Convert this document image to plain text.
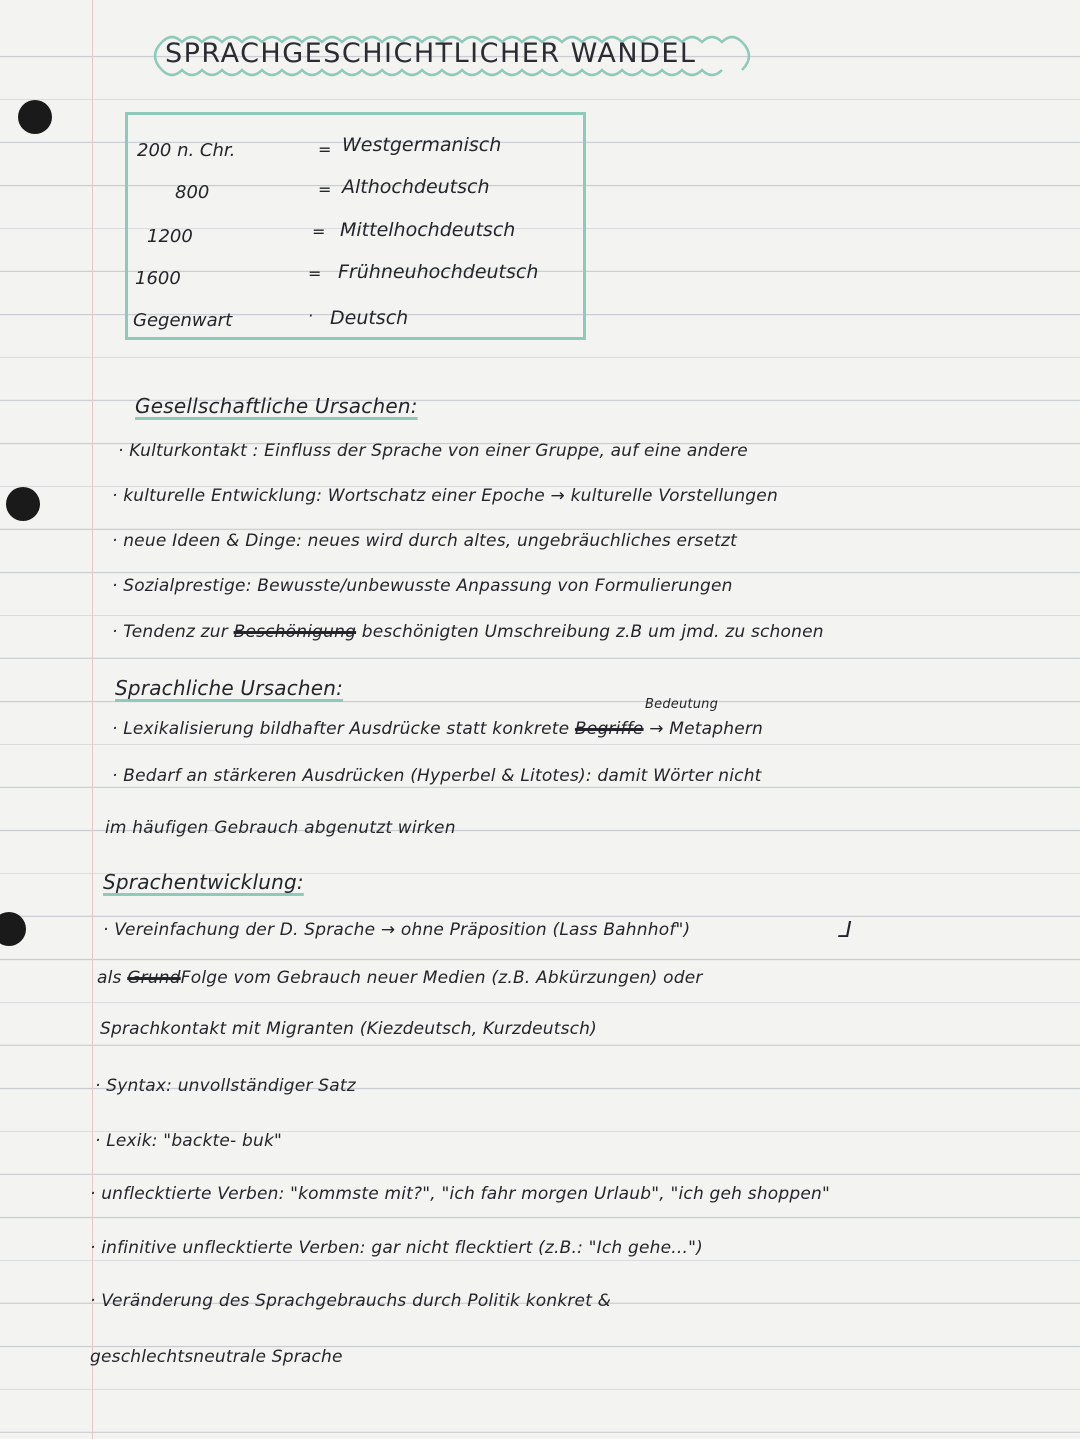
SPRACHGESCHICHTLICHER WANDEL
200 n. Chr.	= Westgermanisch
800	= Althochdeutsch
1200	= Mittelhochdeutsch
1600	= Frühneuhochdeutsch
Gegenwart	· Deutsch
Gesellschaftliche Ursachen:
· Kulturkontakt : Einfluss der Sprache von einer Gruppe, auf eine andere
· kulturelle Entwicklung: Wortschatz einer Epoche → kulturelle Vorstellungen
· neue Ideen & Dinge: neues wird durch altes, ungebräuchliches ersetzt
· Sozialprestige: Bewusste/unbewusste Anpassung von Formulierungen
· Tendenz zur Beschönigung beschönigten Umschreibung z.B um jmd. zu schonen
Sprachliche Ursachen:
Bedeutung
· Lexikalisierung bildhafter Ausdrücke statt konkrete Begriffe → Metaphern
· Bedarf an stärkeren Ausdrücken (Hyperbel & Litotes): damit Wörter nicht
im häufigen Gebrauch abgenutzt wirken
Sprachentwicklung:
· Vereinfachung der D. Sprache → ohne Präposition (Lass Bahnhof")	⅃
als GrundFolge vom Gebrauch neuer Medien (z.B. Abkürzungen) oder
Sprachkontakt mit Migranten (Kiezdeutsch, Kurzdeutsch)
· Syntax: unvollständiger Satz
· Lexik: "backte- buk"
· unflecktierte Verben: "kommste mit?", "ich fahr morgen Urlaub", "ich geh shoppen"
· infinitive unflecktierte Verben: gar nicht flecktiert (z.B.: "Ich gehe...")
· Veränderung des Sprachgebrauchs durch Politik konkret &
geschlechtsneutrale Sprache
